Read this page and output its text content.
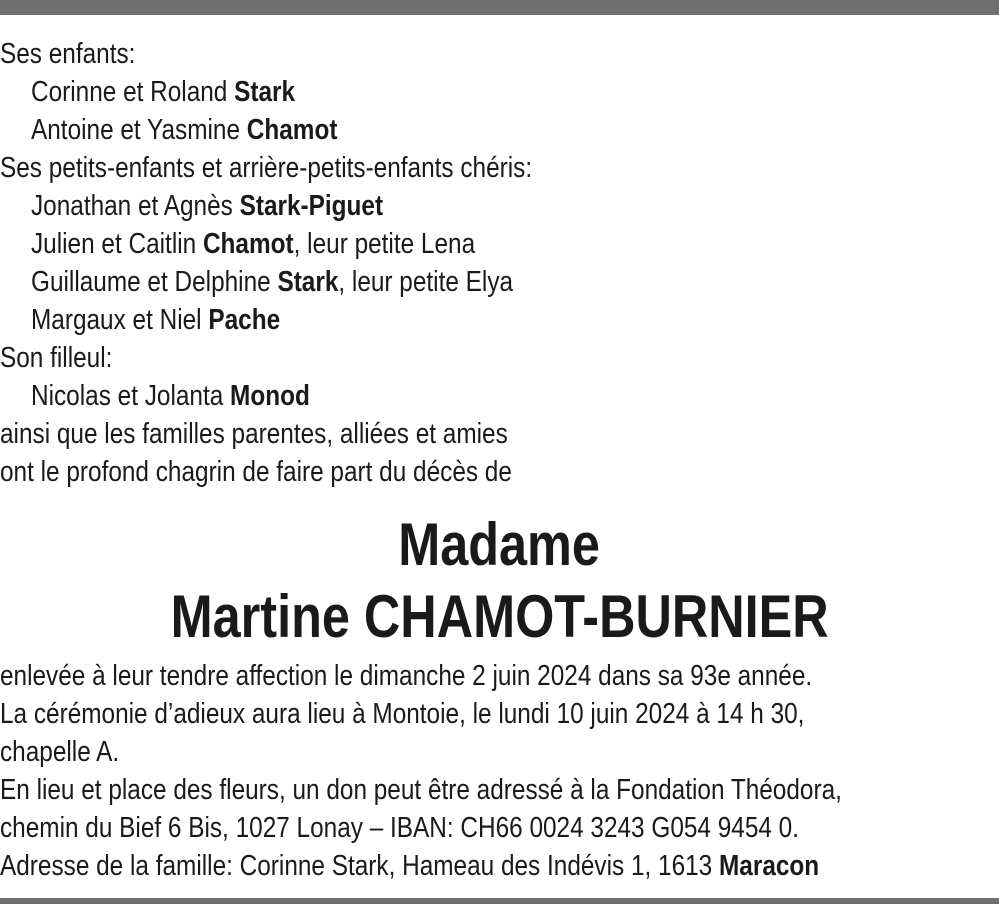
Ses enfants:
Corinne et Roland Stark
Antoine et Yasmine Chamot
Ses petits-enfants et arrière-petits-enfants chéris:
Jonathan et Agnès Stark-Piguet
Julien et Caitlin Chamot, leur petite Lena
Guillaume et Delphine Stark, leur petite Elya
Margaux et Niel Pache
Son filleul:
Nicolas et Jolanta Monod
ainsi que les familles parentes, alliées et amies
ont le profond chagrin de faire part du décès de
Madame
Martine CHAMOT-BURNIER
enlevée à leur tendre affection le dimanche 2 juin 2024 dans sa 93e année.
La cérémonie d’adieux aura lieu à Montoie, le lundi 10 juin 2024 à 14 h 30,
chapelle A.
En lieu et place des fleurs, un don peut être adressé à la Fondation Théodora,
chemin du Bief 6 Bis, 1027 Lonay – IBAN: CH66 0024 3243 G054 9454 0.
Adresse de la famille: Corinne Stark, Hameau des Indévis 1, 1613 Maracon
